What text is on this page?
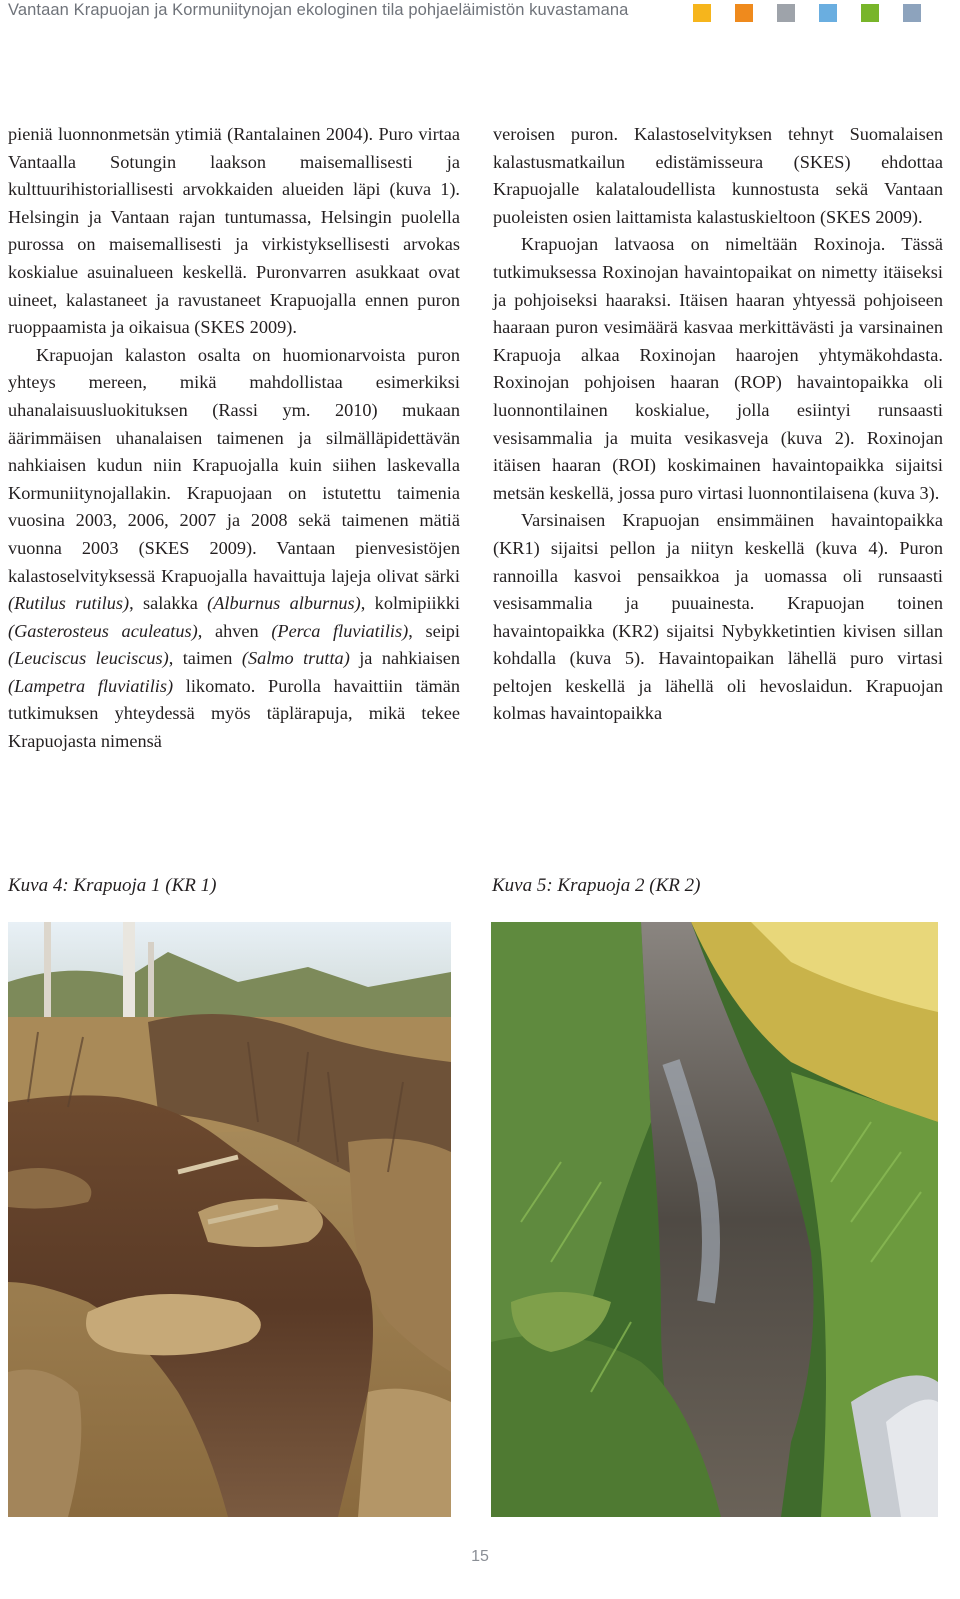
Vantaan Krapuojan ja Kormuniitynojan ekologinen tila pohjaeläimistön kuvastamana

pieniä luonnonmetsän ytimiä (Rantalainen 2004). Puro virtaa Vantaalla Sotungin laakson maisemallisesti ja kulttuurihistoriallisesti arvokkaiden alueiden läpi (kuva 1). Helsingin ja Vantaan rajan tuntumassa, Helsingin puolella purossa on maisemallisesti ja virkistyksellisesti arvokas koskialue asuinalueen keskellä. Puronvarren asukkaat ovat uineet, kalastaneet ja ravustaneet Krapuojalla ennen puron ruoppaamista ja oikaisua (SKES 2009).

Krapuojan kalaston osalta on huomionarvoista puron yhteys mereen, mikä mahdollistaa esimerkiksi uhanalaisuusluokituksen (Rassi ym. 2010) mukaan äärimmäisen uhanalaisen taimenen ja silmälläpidettävän nahkiaisen kudun niin Krapuojalla kuin siihen laskevalla Kormuniitynojallakin. Krapuojaan on istutettu taimenia vuosina 2003, 2006, 2007 ja 2008 sekä taimenen mätiä vuonna 2003 (SKES 2009). Vantaan pienvesistöjen kalastoselvityksessä Krapuojalla havaittuja lajeja olivat särki (Rutilus rutilus), salakka (Alburnus alburnus), kolmipiikki (Gasterosteus aculeatus), ahven (Perca fluviatilis), seipi (Leuciscus leuciscus), taimen (Salmo trutta) ja nahkiaisen (Lampetra fluviatilis) likomato. Purolla havaittiin tämän tutkimuksen yhteydessä myös täplärapuja, mikä tekee Krapuojasta nimensä

veroisen puron. Kalastoselvityksen tehnyt Suomalaisen kalastusmatkailun edistämisseura (SKES) ehdottaa Krapuojalle kalataloudellista kunnostusta sekä Vantaan puoleisten osien laittamista kalastuskieltoon (SKES 2009).

Krapuojan latvaosa on nimeltään Roxinoja. Tässä tutkimuksessa Roxinojan havaintopaikat on nimetty itäiseksi ja pohjoiseksi haaraksi. Itäisen haaran yhtyessä pohjoiseen haaraan puron vesimäärä kasvaa merkittävästi ja varsinainen Krapuoja alkaa Roxinojan haarojen yhtymäkohdasta. Roxinojan pohjoisen haaran (ROP) havaintopaikka oli luonnontilainen koskialue, jolla esiintyi runsaasti vesisammalia ja muita vesikasveja (kuva 2). Roxinojan itäisen haaran (ROI) koskimainen havaintopaikka sijaitsi metsän keskellä, jossa puro virtasi luonnontilaisena (kuva 3).

Varsinaisen Krapuojan ensimmäinen havaintopaikka (KR1) sijaitsi pellon ja niityn keskellä (kuva 4). Puron rannoilla kasvoi pensaikkoa ja uomassa oli runsaasti vesisammalia ja puuainesta. Krapuojan toinen havaintopaikka (KR2) sijaitsi Nybykketintien kivisen sillan kohdalla (kuva 5). Havaintopaikan lähellä puro virtasi peltojen keskellä ja lähellä oli hevoslaidun. Krapuojan kolmas havaintopaikka

Kuva 4: Krapuoja 1 (KR 1)	Kuva 5: Krapuoja 2 (KR 2)
15
